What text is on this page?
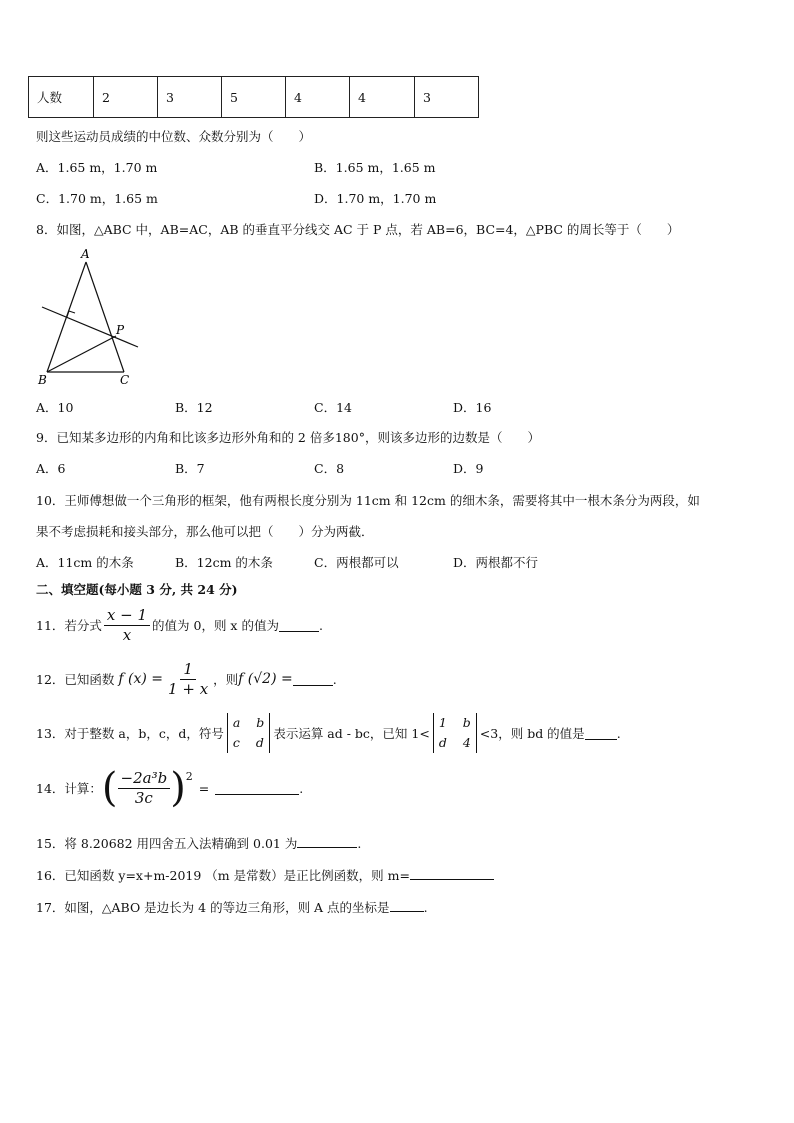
人数	2	3	5	4	4	3
则这些运动员成绩的中位数、众数分别为（　　）
A．1.65 m，1.70 m	B．1.65 m，1.65 m
C．1.70 m，1.65 m	D．1.70 m，1.70 m
8．如图，△ABC 中，AB=AC，AB 的垂直平分线交 AC 于 P 点，若 AB=6，BC=4，△PBC 的周长等于（　　）
A
B	C
P
A．10	B．12	C．14	D．16
9．已知某多边形的内角和比该多边形外角和的 2 倍多180°，则该多边形的边数是（　　）
A．6	B．7	C．8	D．9
10．王师傅想做一个三角形的框架，他有两根长度分别为 11cm 和 12cm 的细木条，需要将其中一根木条分为两段，如
果不考虑损耗和接头部分，那么他可以把（　　）分为两截．
A．11cm 的木条	B．12cm 的木条	C．两根都可以	D．两根都不行
二、填空题(每小题 3 分, 共 24 分)
11．若分式 $\frac{x - 1}{x}$ 的值为 0，则 x 的值为	.
12．已知函数 f $(x) = \frac{1}{1 + x}$ ，则 f (√2) =	.
13．对于整数 a，b，c，d，符号
a b
c d
表示运算 ad - bc，已知 1<
1 b
d 4
<3，则 bd 的值是	.
14．计算： ( $\frac{\text{−2a³b}}{3c}$ ) 2
=	.
15．将 8.20682 用四舍五入法精确到 0.01 为	.
16．已知函数 y=x+m-2019 （m 是常数）是正比例函数，则 m=
17．如图，△ABO 是边长为 4 的等边三角形，则 A 点的坐标是	.
